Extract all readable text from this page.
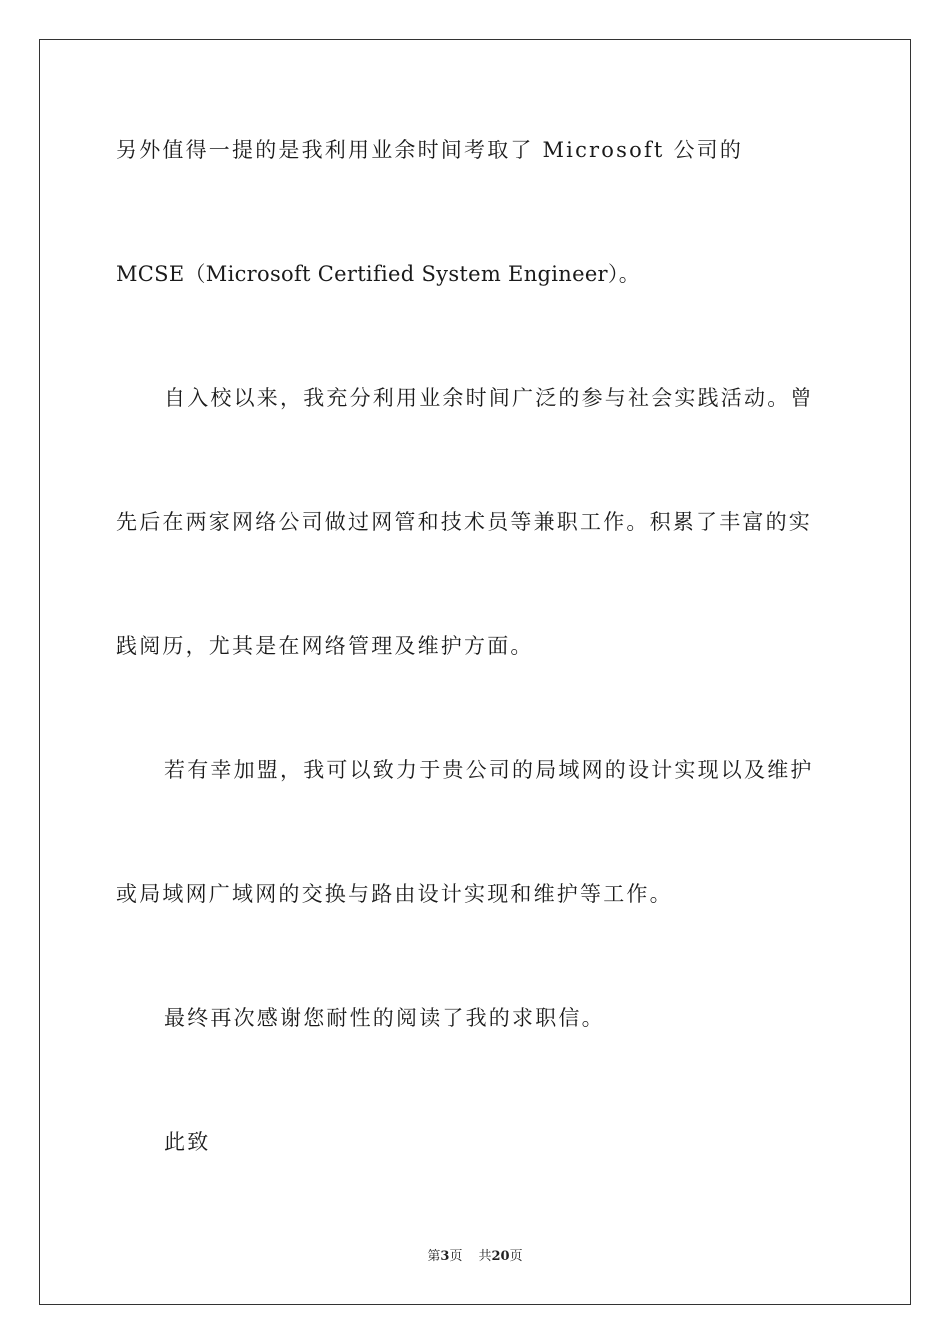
另外值得一提的是我利用业余时间考取了 Microsoft 公司的
MCSE（Microsoft Certified System Engineer）。
自入校以来，我充分利用业余时间广泛的参与社会实践活动。曾
先后在两家网络公司做过网管和技术员等兼职工作。积累了丰富的实
践阅历，尤其是在网络管理及维护方面。
若有幸加盟，我可以致力于贵公司的局域网的设计实现以及维护
或局域网广域网的交换与路由设计实现和维护等工作。
最终再次感谢您耐性的阅读了我的求职信。
此致
第3页 共20页
